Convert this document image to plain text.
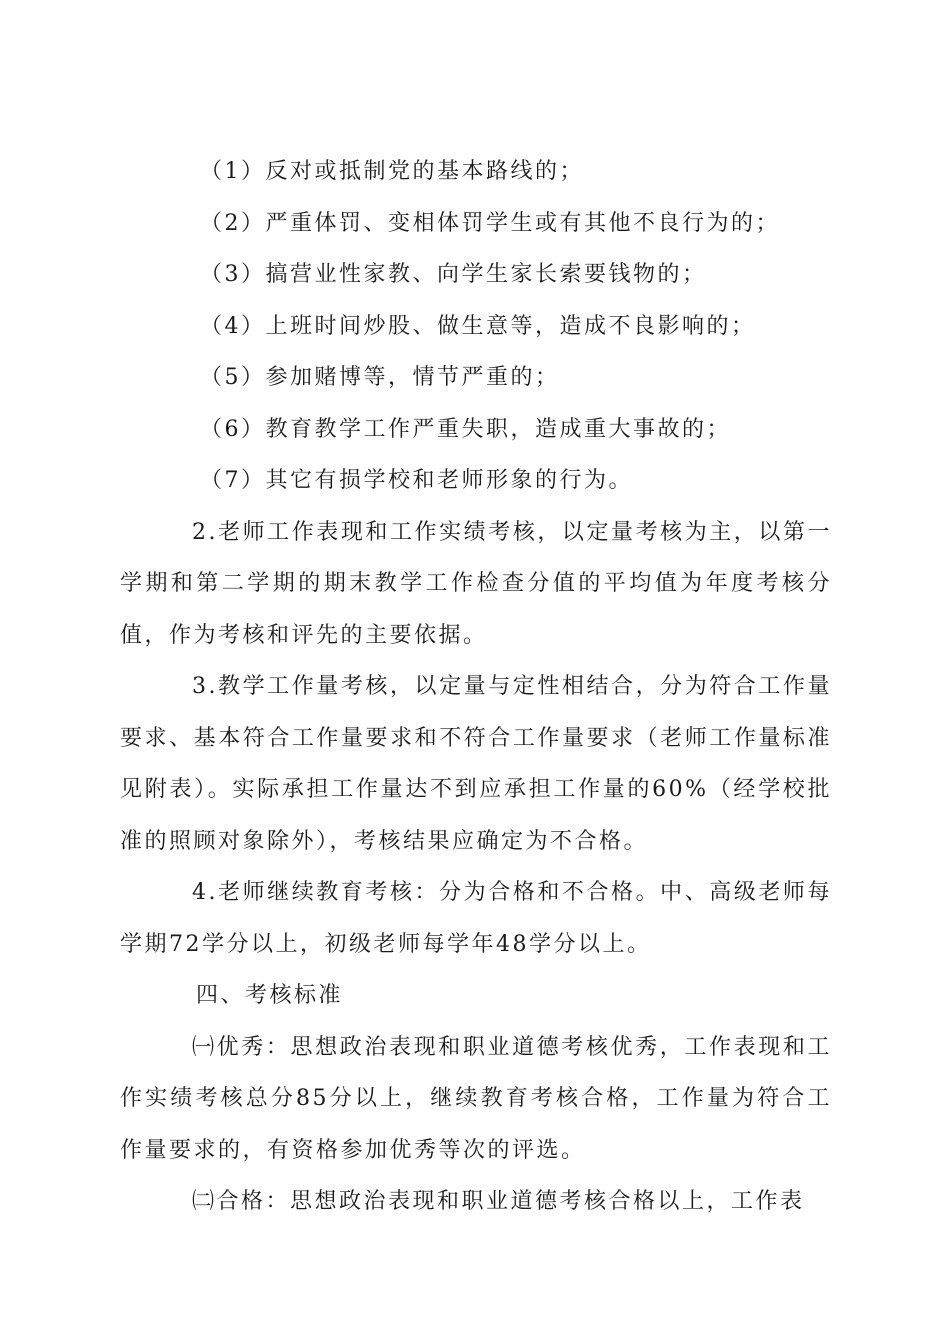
（1）反对或抵制党的基本路线的；

（2）严重体罚、变相体罚学生或有其他不良行为的；

（3）搞营业性家教、向学生家长索要钱物的；

（4）上班时间炒股、做生意等，造成不良影响的；

（5）参加赌博等，情节严重的；

（6）教育教学工作严重失职，造成重大事故的；

（7）其它有损学校和老师形象的行为。

2.老师工作表现和工作实绩考核，以定量考核为主，以第一学期和第二学期的期末教学工作检查分值的平均值为年度考核分值，作为考核和评先的主要依据。

3.教学工作量考核，以定量与定性相结合，分为符合工作量要求、基本符合工作量要求和不符合工作量要求（老师工作量标准见附表）。实际承担工作量达不到应承担工作量的60%（经学校批准的照顾对象除外），考核结果应确定为不合格。

4.老师继续教育考核：分为合格和不合格。中、高级老师每学期72学分以上，初级老师每学年48学分以上。

四、考核标准

㈠优秀：思想政治表现和职业道德考核优秀，工作表现和工作实绩考核总分85分以上，继续教育考核合格，工作量为符合工作量要求的，有资格参加优秀等次的评选。

㈡合格：思想政治表现和职业道德考核合格以上，工作表
